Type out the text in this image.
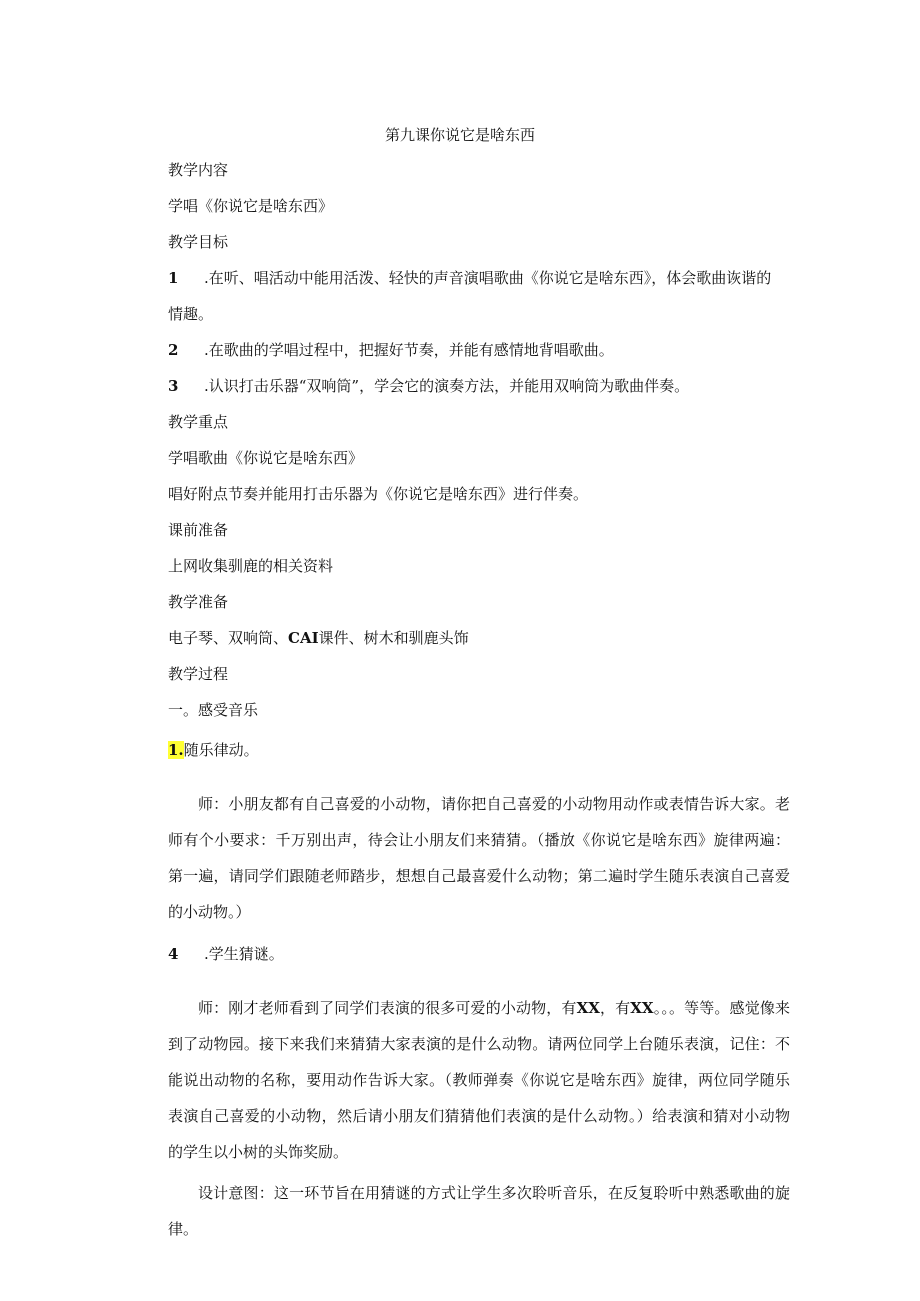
第九课你说它是啥东西

教学内容

学唱《你说它是啥东西》

教学目标

1 .在听、唱活动中能用活泼、轻快的声音演唱歌曲《你说它是啥东西》，体会歌曲诙谐的

情趣。

2 .在歌曲的学唱过程中，把握好节奏，并能有感情地背唱歌曲。

3 .认识打击乐器“双响筒”，学会它的演奏方法，并能用双响筒为歌曲伴奏。

教学重点

学唱歌曲《你说它是啥东西》

唱好附点节奏并能用打击乐器为《你说它是啥东西》进行伴奏。

课前准备

上网收集驯鹿的相关资料

教学准备

电子琴、双响筒、CAI课件、树木和驯鹿头饰

教学过程

一。感受音乐

1.随乐律动。

师：小朋友都有自己喜爱的小动物，请你把自己喜爱的小动物用动作或表情告诉大家。老师有个小要求：千万别出声，待会让小朋友们来猜猜。（播放《你说它是啥东西》旋律两遍：第一遍，请同学们跟随老师踏步，想想自己最喜爱什么动物；第二遍时学生随乐表演自己喜爱的小动物。）

4 .学生猜谜。

师：刚才老师看到了同学们表演的很多可爱的小动物，有XX，有XX。。。等等。感觉像来到了动物园。接下来我们来猜猜大家表演的是什么动物。请两位同学上台随乐表演，记住：不能说出动物的名称，要用动作告诉大家。（教师弹奏《你说它是啥东西》旋律，两位同学随乐表演自己喜爱的小动物，然后请小朋友们猜猜他们表演的是什么动物。）给表演和猜对小动物的学生以小树的头饰奖励。

设计意图：这一环节旨在用猜谜的方式让学生多次聆听音乐，在反复聆听中熟悉歌曲的旋律。
